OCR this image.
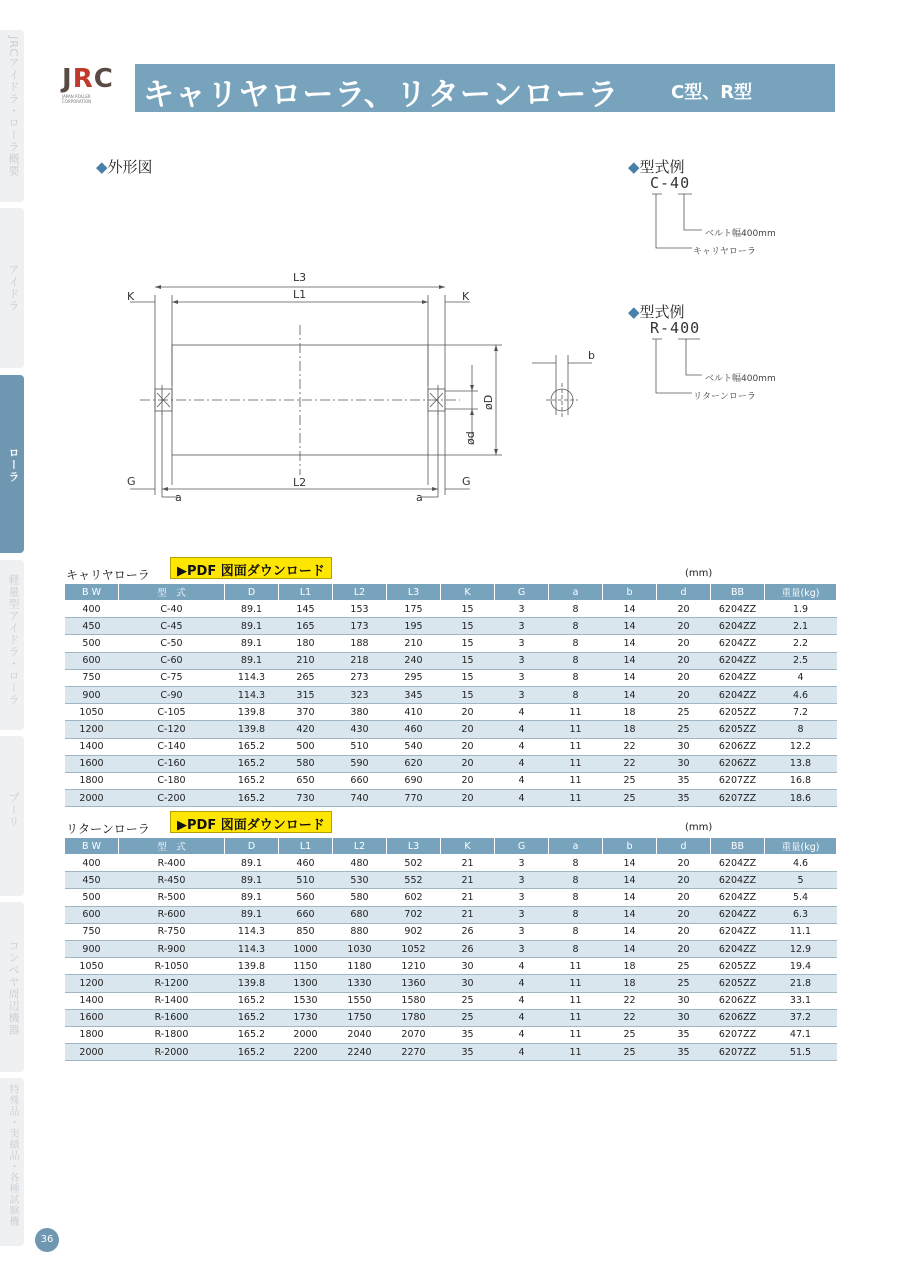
JRCアイドラ・ローラ概要
アイドラ
ローラ
軽量型アイドラ・ローラ
プーリ
コンベヤ周辺機器
特殊品・実績品・各種試験機
36
JRC
JAPAN ROLLER CORPORATION	キャリヤローラ、リターンローラ	C型、R型
◆外形図
L3
L1
L2
K	K
G	G
a	a
øD
ød
b
◆型式例
C-40
ベルト幅400mm
キャリヤローラ
◆型式例
R-400
ベルト幅400mm
リターンローラ
キャリヤローラ	▶PDF 図面ダウンロード	(mm)
B W	型　式	D	L1	L2	L3	K	G	a	b	d	BB	重量(kg)
400	C-40	89.1	145	153	175	15	3	8	14	20	6204ZZ	1.9
450	C-45	89.1	165	173	195	15	3	8	14	20	6204ZZ	2.1
500	C-50	89.1	180	188	210	15	3	8	14	20	6204ZZ	2.2
600	C-60	89.1	210	218	240	15	3	8	14	20	6204ZZ	2.5
750	C-75	114.3	265	273	295	15	3	8	14	20	6204ZZ	4
900	C-90	114.3	315	323	345	15	3	8	14	20	6204ZZ	4.6
1050	C-105	139.8	370	380	410	20	4	11	18	25	6205ZZ	7.2
1200	C-120	139.8	420	430	460	20	4	11	18	25	6205ZZ	8
1400	C-140	165.2	500	510	540	20	4	11	22	30	6206ZZ	12.2
1600	C-160	165.2	580	590	620	20	4	11	22	30	6206ZZ	13.8
1800	C-180	165.2	650	660	690	20	4	11	25	35	6207ZZ	16.8
2000	C-200	165.2	730	740	770	20	4	11	25	35	6207ZZ	18.6
リターンローラ	▶PDF 図面ダウンロード	(mm)
B W	型　式	D	L1	L2	L3	K	G	a	b	d	BB	重量(kg)
400	R-400	89.1	460	480	502	21	3	8	14	20	6204ZZ	4.6
450	R-450	89.1	510	530	552	21	3	8	14	20	6204ZZ	5
500	R-500	89.1	560	580	602	21	3	8	14	20	6204ZZ	5.4
600	R-600	89.1	660	680	702	21	3	8	14	20	6204ZZ	6.3
750	R-750	114.3	850	880	902	26	3	8	14	20	6204ZZ	11.1
900	R-900	114.3	1000	1030	1052	26	3	8	14	20	6204ZZ	12.9
1050	R-1050	139.8	1150	1180	1210	30	4	11	18	25	6205ZZ	19.4
1200	R-1200	139.8	1300	1330	1360	30	4	11	18	25	6205ZZ	21.8
1400	R-1400	165.2	1530	1550	1580	25	4	11	22	30	6206ZZ	33.1
1600	R-1600	165.2	1730	1750	1780	25	4	11	22	30	6206ZZ	37.2
1800	R-1800	165.2	2000	2040	2070	35	4	11	25	35	6207ZZ	47.1
2000	R-2000	165.2	2200	2240	2270	35	4	11	25	35	6207ZZ	51.5
